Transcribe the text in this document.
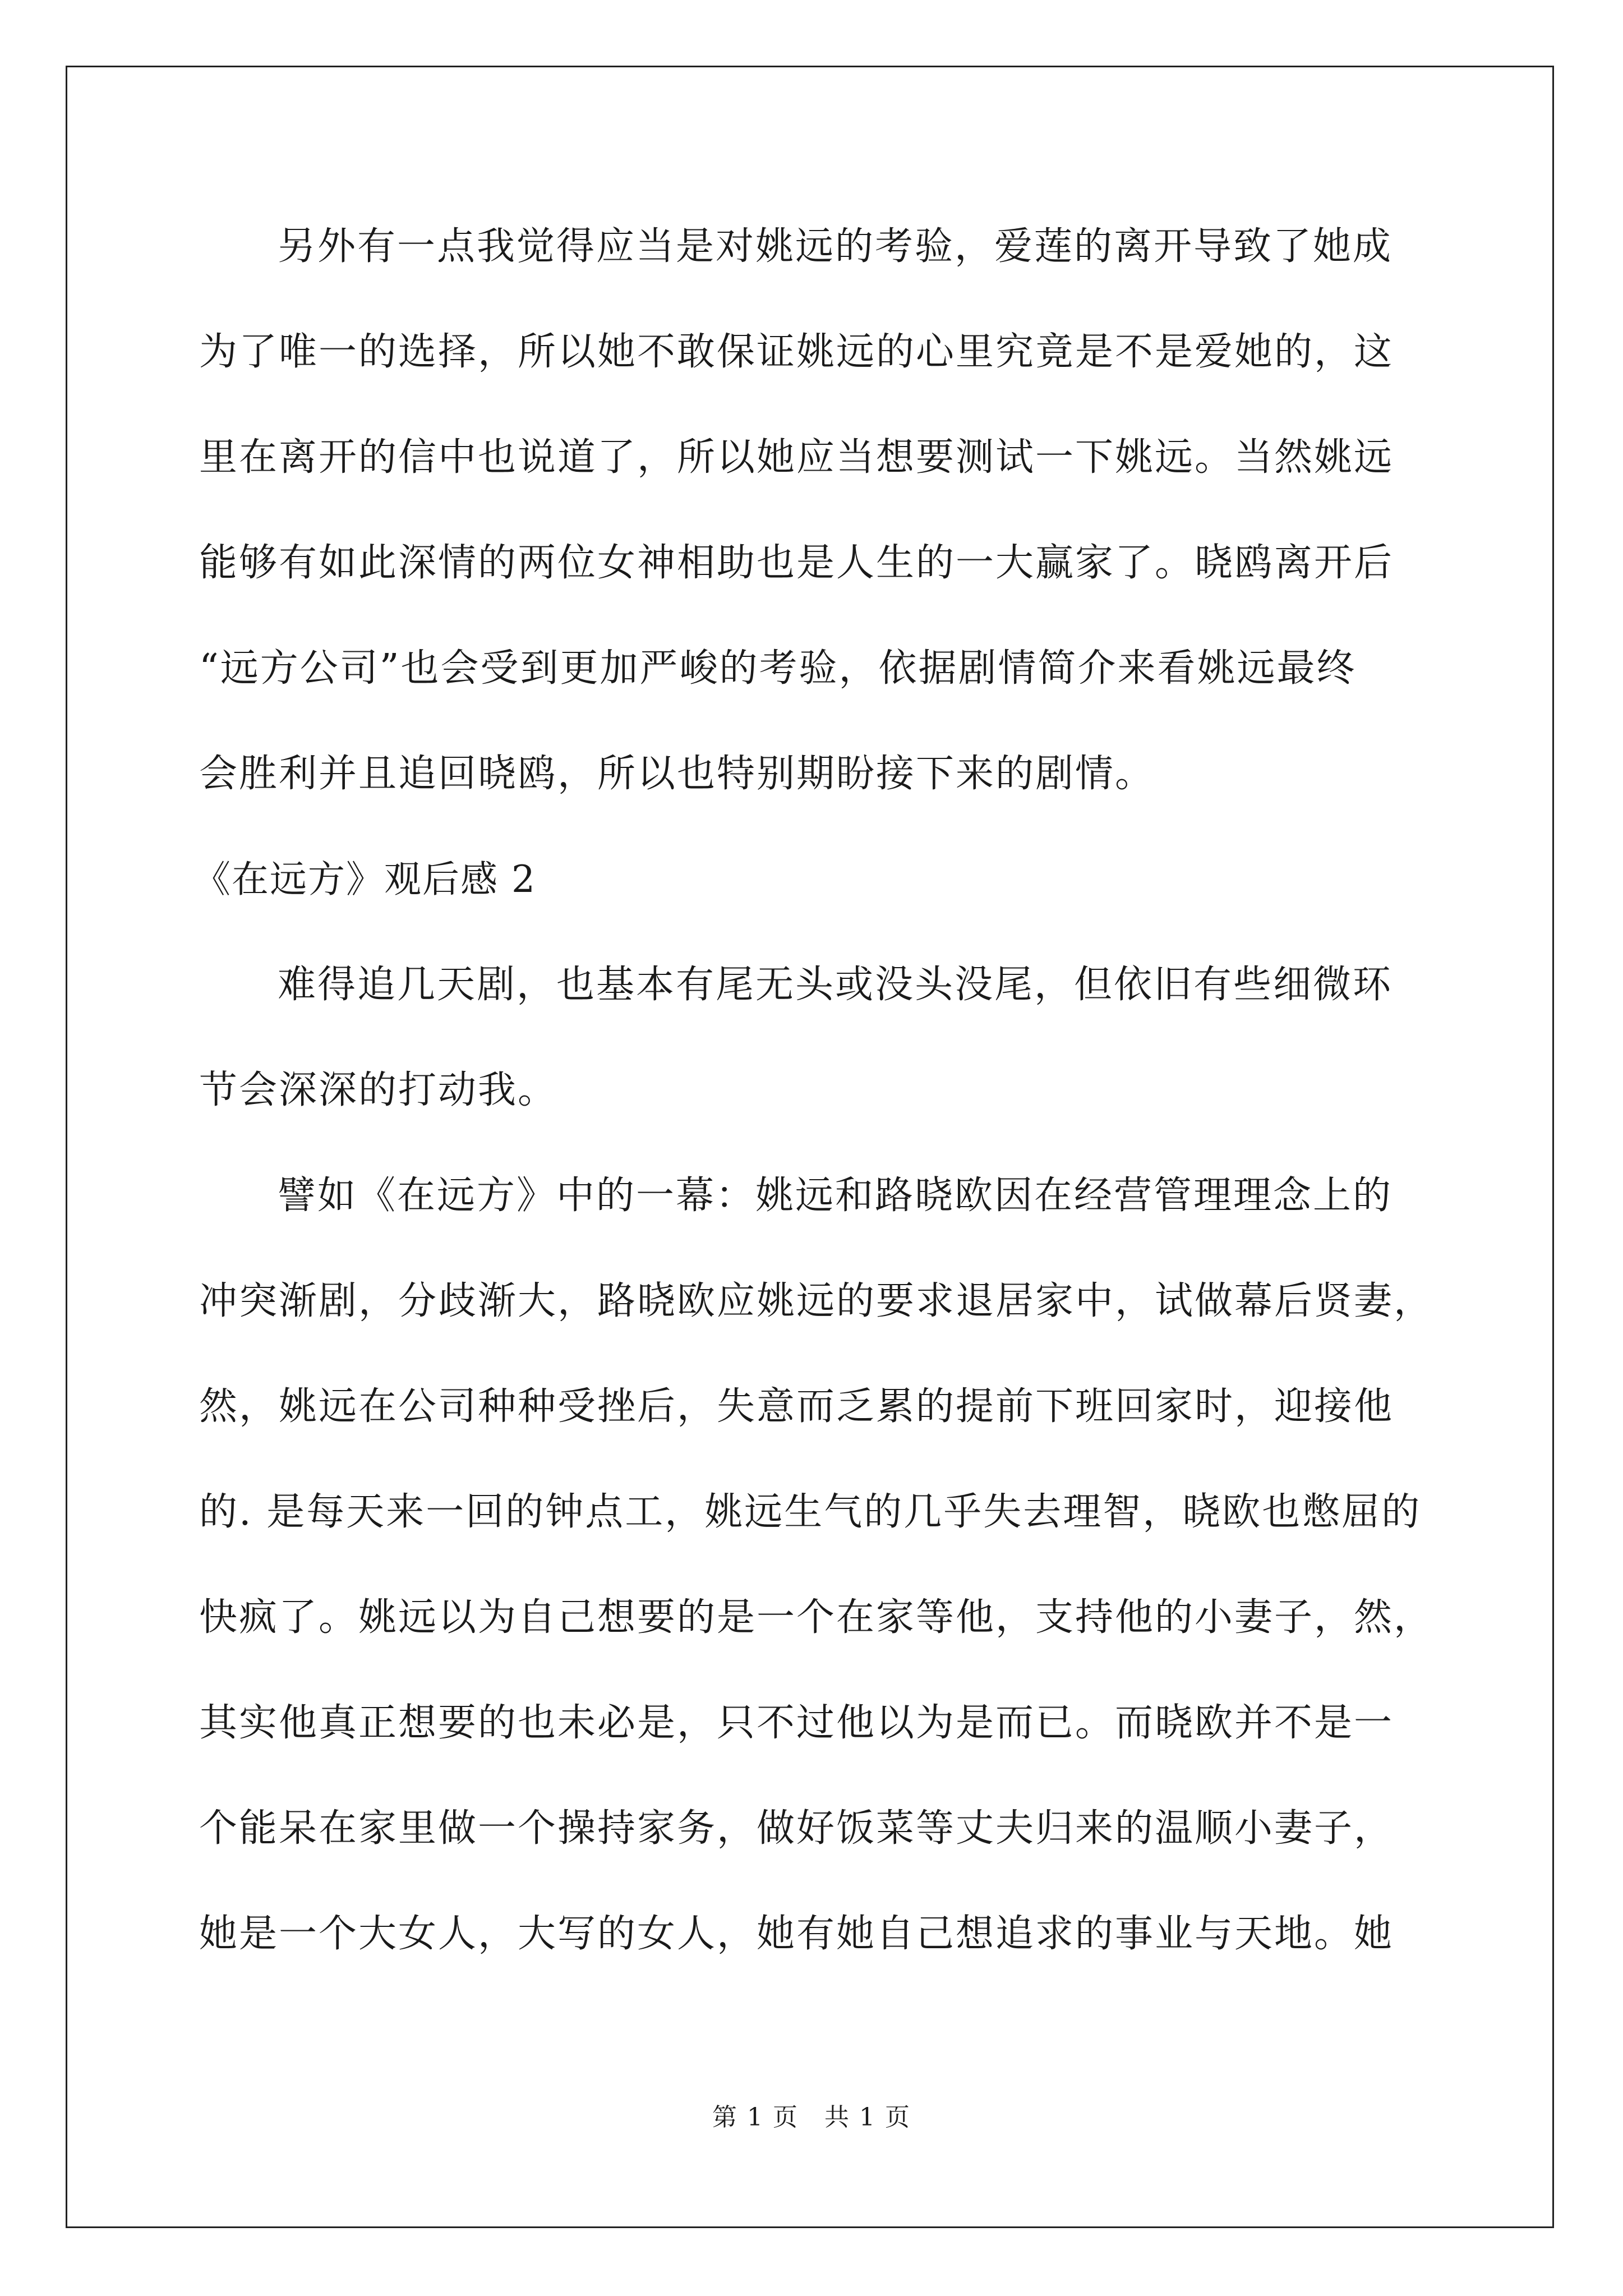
另外有一点我觉得应当是对姚远的考验，爱莲的离开导致了她成
为了唯一的选择，所以她不敢保证姚远的心里究竟是不是爱她的，这
里在离开的信中也说道了，所以她应当想要测试一下姚远。当然姚远
能够有如此深情的两位女神相助也是人生的一大赢家了。晓鸥离开后
“远方公司”也会受到更加严峻的考验，依据剧情简介来看姚远最终
会胜利并且追回晓鸥，所以也特别期盼接下来的剧情。
《在远方》观后感 2
难得追几天剧，也基本有尾无头或没头没尾，但依旧有些细微环
节会深深的打动我。
譬如《在远方》中的一幕：姚远和路晓欧因在经营管理理念上的
冲突渐剧，分歧渐大，路晓欧应姚远的要求退居家中，试做幕后贤妻，
然，姚远在公司种种受挫后，失意而乏累的提前下班回家时，迎接他
的. 是每天来一回的钟点工，姚远生气的几乎失去理智，晓欧也憋屈的
快疯了。姚远以为自己想要的是一个在家等他，支持他的小妻子，然，
其实他真正想要的也未必是，只不过他以为是而已。而晓欧并不是一
个能呆在家里做一个操持家务，做好饭菜等丈夫归来的温顺小妻子，
她是一个大女人，大写的女人，她有她自己想追求的事业与天地。她
第 1 页　共 1 页
